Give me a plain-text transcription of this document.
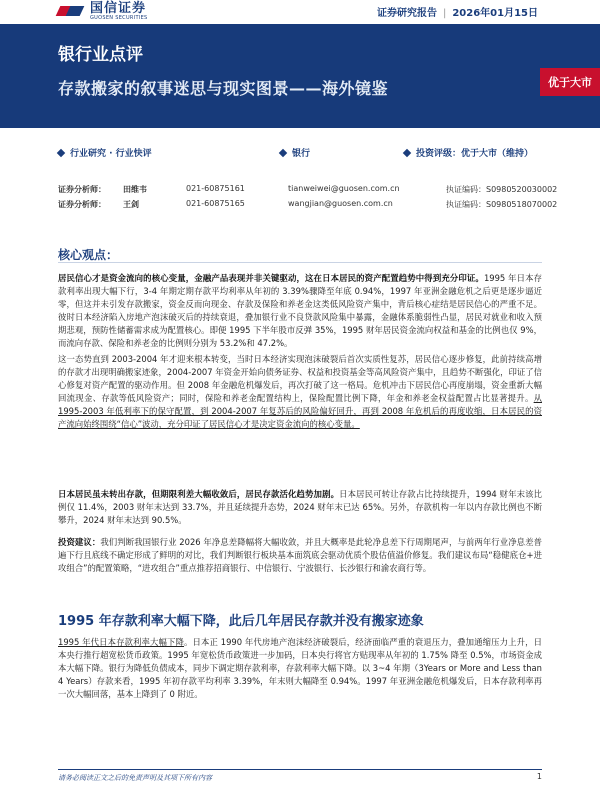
国信证券
GUOSEN SECURITIES	证券研究报告 | 2026年01月15日
银行业点评
存款搬家的叙事迷思与现实图景——海外镜鉴	优于大市
行业研究 · 行业快评	银行	投资评级：优于大市（维持）
证券分析师： 田维韦	021-60875161	tianweiwei@guosen.com.cn	执证编码：S0980520030002
证券分析师： 王剑	021-60875165	wangjian@guosen.com.cn	执证编码：S0980518070002
核心观点：
居民信心才是资金流向的核心变量，金融产品表现并非关键驱动，这在日本居民的资产配置趋势中得到充分印证。1995 年日本存款利率出现大幅下行，3-4 年期定期存款平均利率从年初的 3.39%骤降至年底 0.94%，1997 年亚洲金融危机之后更是逐步逼近零，但这并未引发存款搬家，资金反而向现金、存款及保险和养老金这类低风险资产集中，背后核心症结是居民信心的严重不足。彼时日本经济陷入房地产泡沫破灭后的持续衰退，叠加银行业不良贷款风险集中暴露，金融体系脆弱性凸显，居民对就业和收入预期悲观，预防性储蓄需求成为配置核心。即便 1995 下半年股市反弹 35%，1995 财年居民资金流向权益和基金的比例也仅 9%，而流向存款、保险和养老金的比例则分别为 53.2%和 47.2%。
这一态势直到 2003-2004 年才迎来根本转变，当时日本经济实现泡沫破裂后首次实质性复苏，居民信心逐步修复，此前持续高增的存款才出现明确搬家迹象，2004-2007 年资金开始向债务证券、权益和投资基金等高风险资产集中，且趋势不断强化，印证了信心修复对资产配置的驱动作用。但 2008 年金融危机爆发后，再次打破了这一格局。危机冲击下居民信心再度崩塌，资金重新大幅回流现金、存款等低风险资产；同时，保险和养老金配置结构上，保险配置比例下降，年金和养老金权益配置占比显著提升。从 1995-2003 年低利率下的保守配置，到 2004-2007 年复苏后的风险偏好回升，再到 2008 年危机后的再度收缩，日本居民的资产流向始终围绕“信心”波动，充分印证了居民信心才是决定资金流向的核心变量。
日本居民虽未转出存款，但期限利差大幅收敛后，居民存款活化趋势加剧。日本居民可转让存款占比持续提升，1994 财年末该比例仅 11.4%，2003 财年末达到 33.7%，并且延续提升态势，2024 财年末已达 65%。另外，存款机构一年以内存款比例也不断攀升，2024 财年末达到 90.5%。
投资建议：我们判断我国银行业 2026 年净息差降幅将大幅收敛，并且大概率是此轮净息差下行周期尾声，与前两年行业净息差普遍下行且底线不确定形成了鲜明的对比，我们判断银行板块基本面筑底会驱动优质个股估值溢价修复。我们建议布局“稳健底仓+进攻组合”的配置策略，“进攻组合”重点推荐招商银行、中信银行、宁波银行、长沙银行和渝农商行等。
1995 年存款利率大幅下降，此后几年居民存款并没有搬家迹象
1995 年代日本存款利率大幅下降。日本正 1990 年代房地产泡沫经济破裂后，经济面临严重的衰退压力，叠加通缩压力上升，日本央行推行超宽松货币政策。1995 年宽松货币政策进一步加码，日本央行将官方贴现率从年初的 1.75% 降至 0.5%，市场资金成本大幅下降。银行为降低负债成本，同步下调定期存款利率，存款利率大幅下降。以 3~4 年期（3Years or More and Less than 4 Years）存款来看，1995 年初存款平均利率 3.39%，年末则大幅降至 0.94%。1997 年亚洲金融危机爆发后，日本存款利率再一次大幅回落，基本上降到了 0 附近。
请务必阅读正文之后的免责声明及其项下所有内容	1
